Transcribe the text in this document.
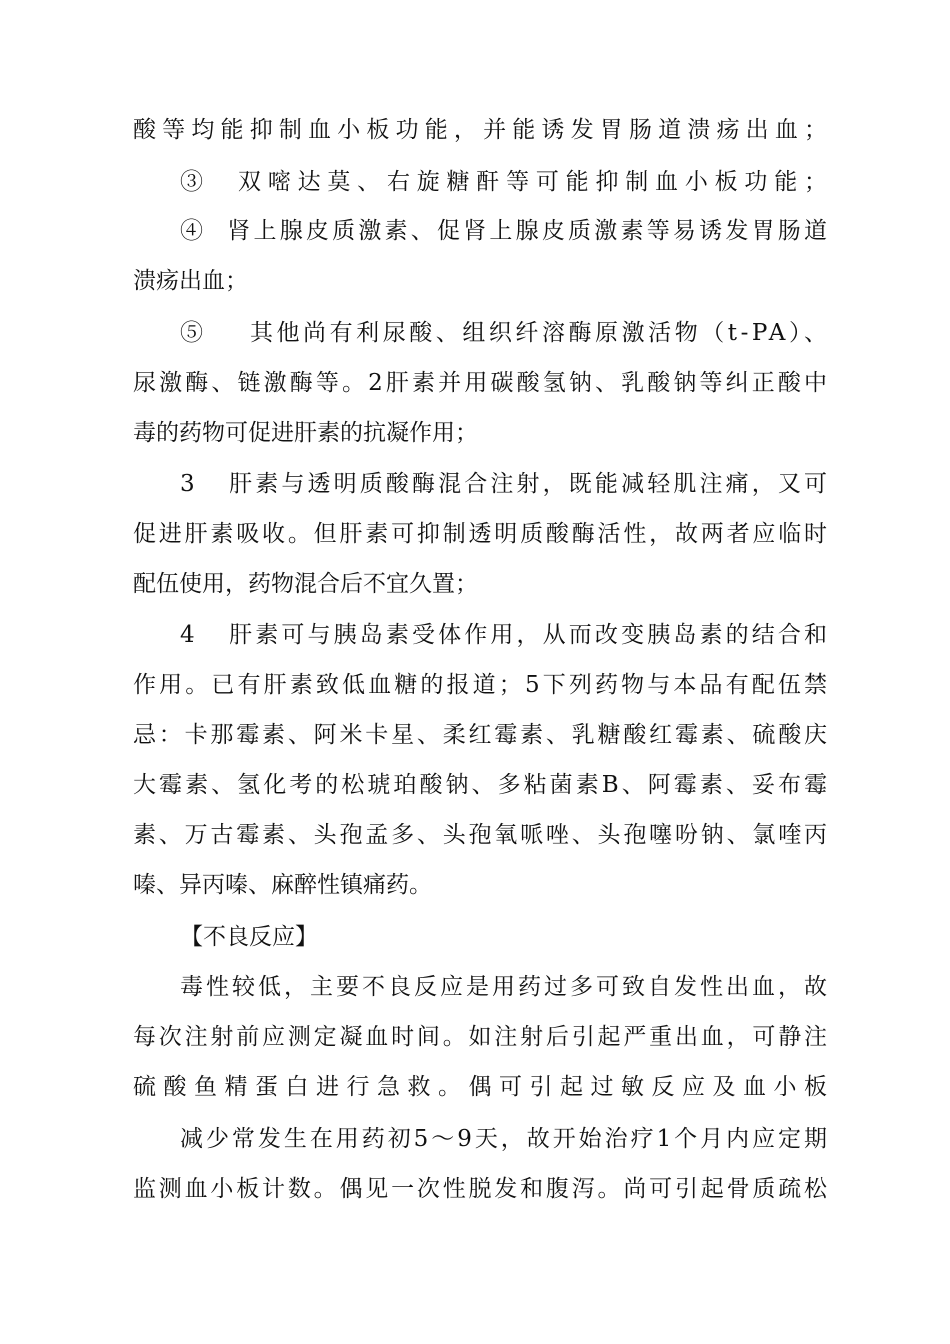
酸等均能抑制血小板功能，并能诱发胃肠道溃疡出血；
③  双嘧达莫、右旋糖酐等可能抑制血小板功能；
④  肾上腺皮质激素、促肾上腺皮质激素等易诱发胃肠道
溃疡出血；
⑤    其他尚有利尿酸、组织纤溶酶原激活物（t-PA）、
尿激酶、链激酶等。2肝素并用碳酸氢钠、乳酸钠等纠正酸中
毒的药物可促进肝素的抗凝作用；
3   肝素与透明质酸酶混合注射，既能减轻肌注痛，又可
促进肝素吸收。但肝素可抑制透明质酸酶活性，故两者应临时
配伍使用，药物混合后不宜久置；
4   肝素可与胰岛素受体作用，从而改变胰岛素的结合和
作用。已有肝素致低血糖的报道；5下列药物与本品有配伍禁
忌：卡那霉素、阿米卡星、柔红霉素、乳糖酸红霉素、硫酸庆
大霉素、氢化考的松琥珀酸钠、多粘菌素B、阿霉素、妥布霉
素、万古霉素、头孢孟多、头孢氧哌唑、头孢噻吩钠、氯喹丙
嗪、异丙嗪、麻醉性镇痛药。
【不良反应】
毒性较低，主要不良反应是用药过多可致自发性出血，故
每次注射前应测定凝血时间。如注射后引起严重出血，可静注
硫酸鱼精蛋白进行急救。偶可引起过敏反应及血小板
减少常发生在用药初5〜9天，故开始治疗1个月内应定期
监测血小板计数。偶见一次性脱发和腹泻。尚可引起骨质疏松
